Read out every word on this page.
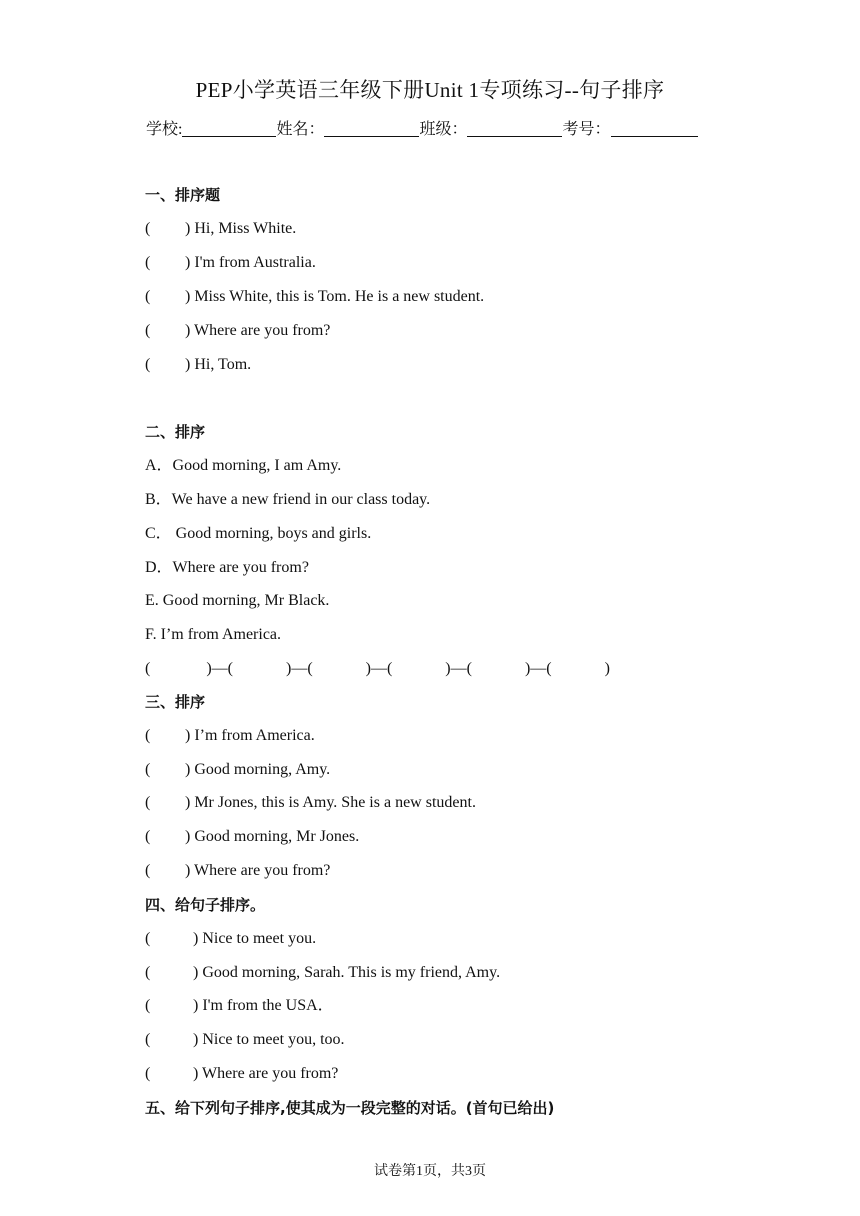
PEP小学英语三年级下册Unit 1专项练习--句子排序
学校:	姓名：	班级：	考号：
一、排序题
( ) Hi, Miss White.
( ) I'm from Australia.
( ) Miss White, this is Tom. He is a new student.
( ) Where are you from?
( ) Hi, Tom.
二、排序
A．Good morning, I am Amy.
B．We have a new friend in our class today.
C． Good morning, boys and girls.
D．Where are you from?
E. Good morning, Mr Black.
F. I’m from America.
(	)—(	)—(	)—(	)—(	)—(	)
三、排序
( ) I’m from America.
( ) Good morning, Amy.
( ) Mr Jones, this is Amy. She is a new student.
( ) Good morning, Mr Jones.
( ) Where are you from?
四、给句子排序。
(	) Nice to meet you.
(	) Good morning, Sarah. This is my friend, Amy.
(	) I'm from the USA．
(	) Nice to meet you, too.
(	) Where are you from?
五、给下列句子排序,使其成为一段完整的对话。(首句已给出)
试卷第1页，共3页
